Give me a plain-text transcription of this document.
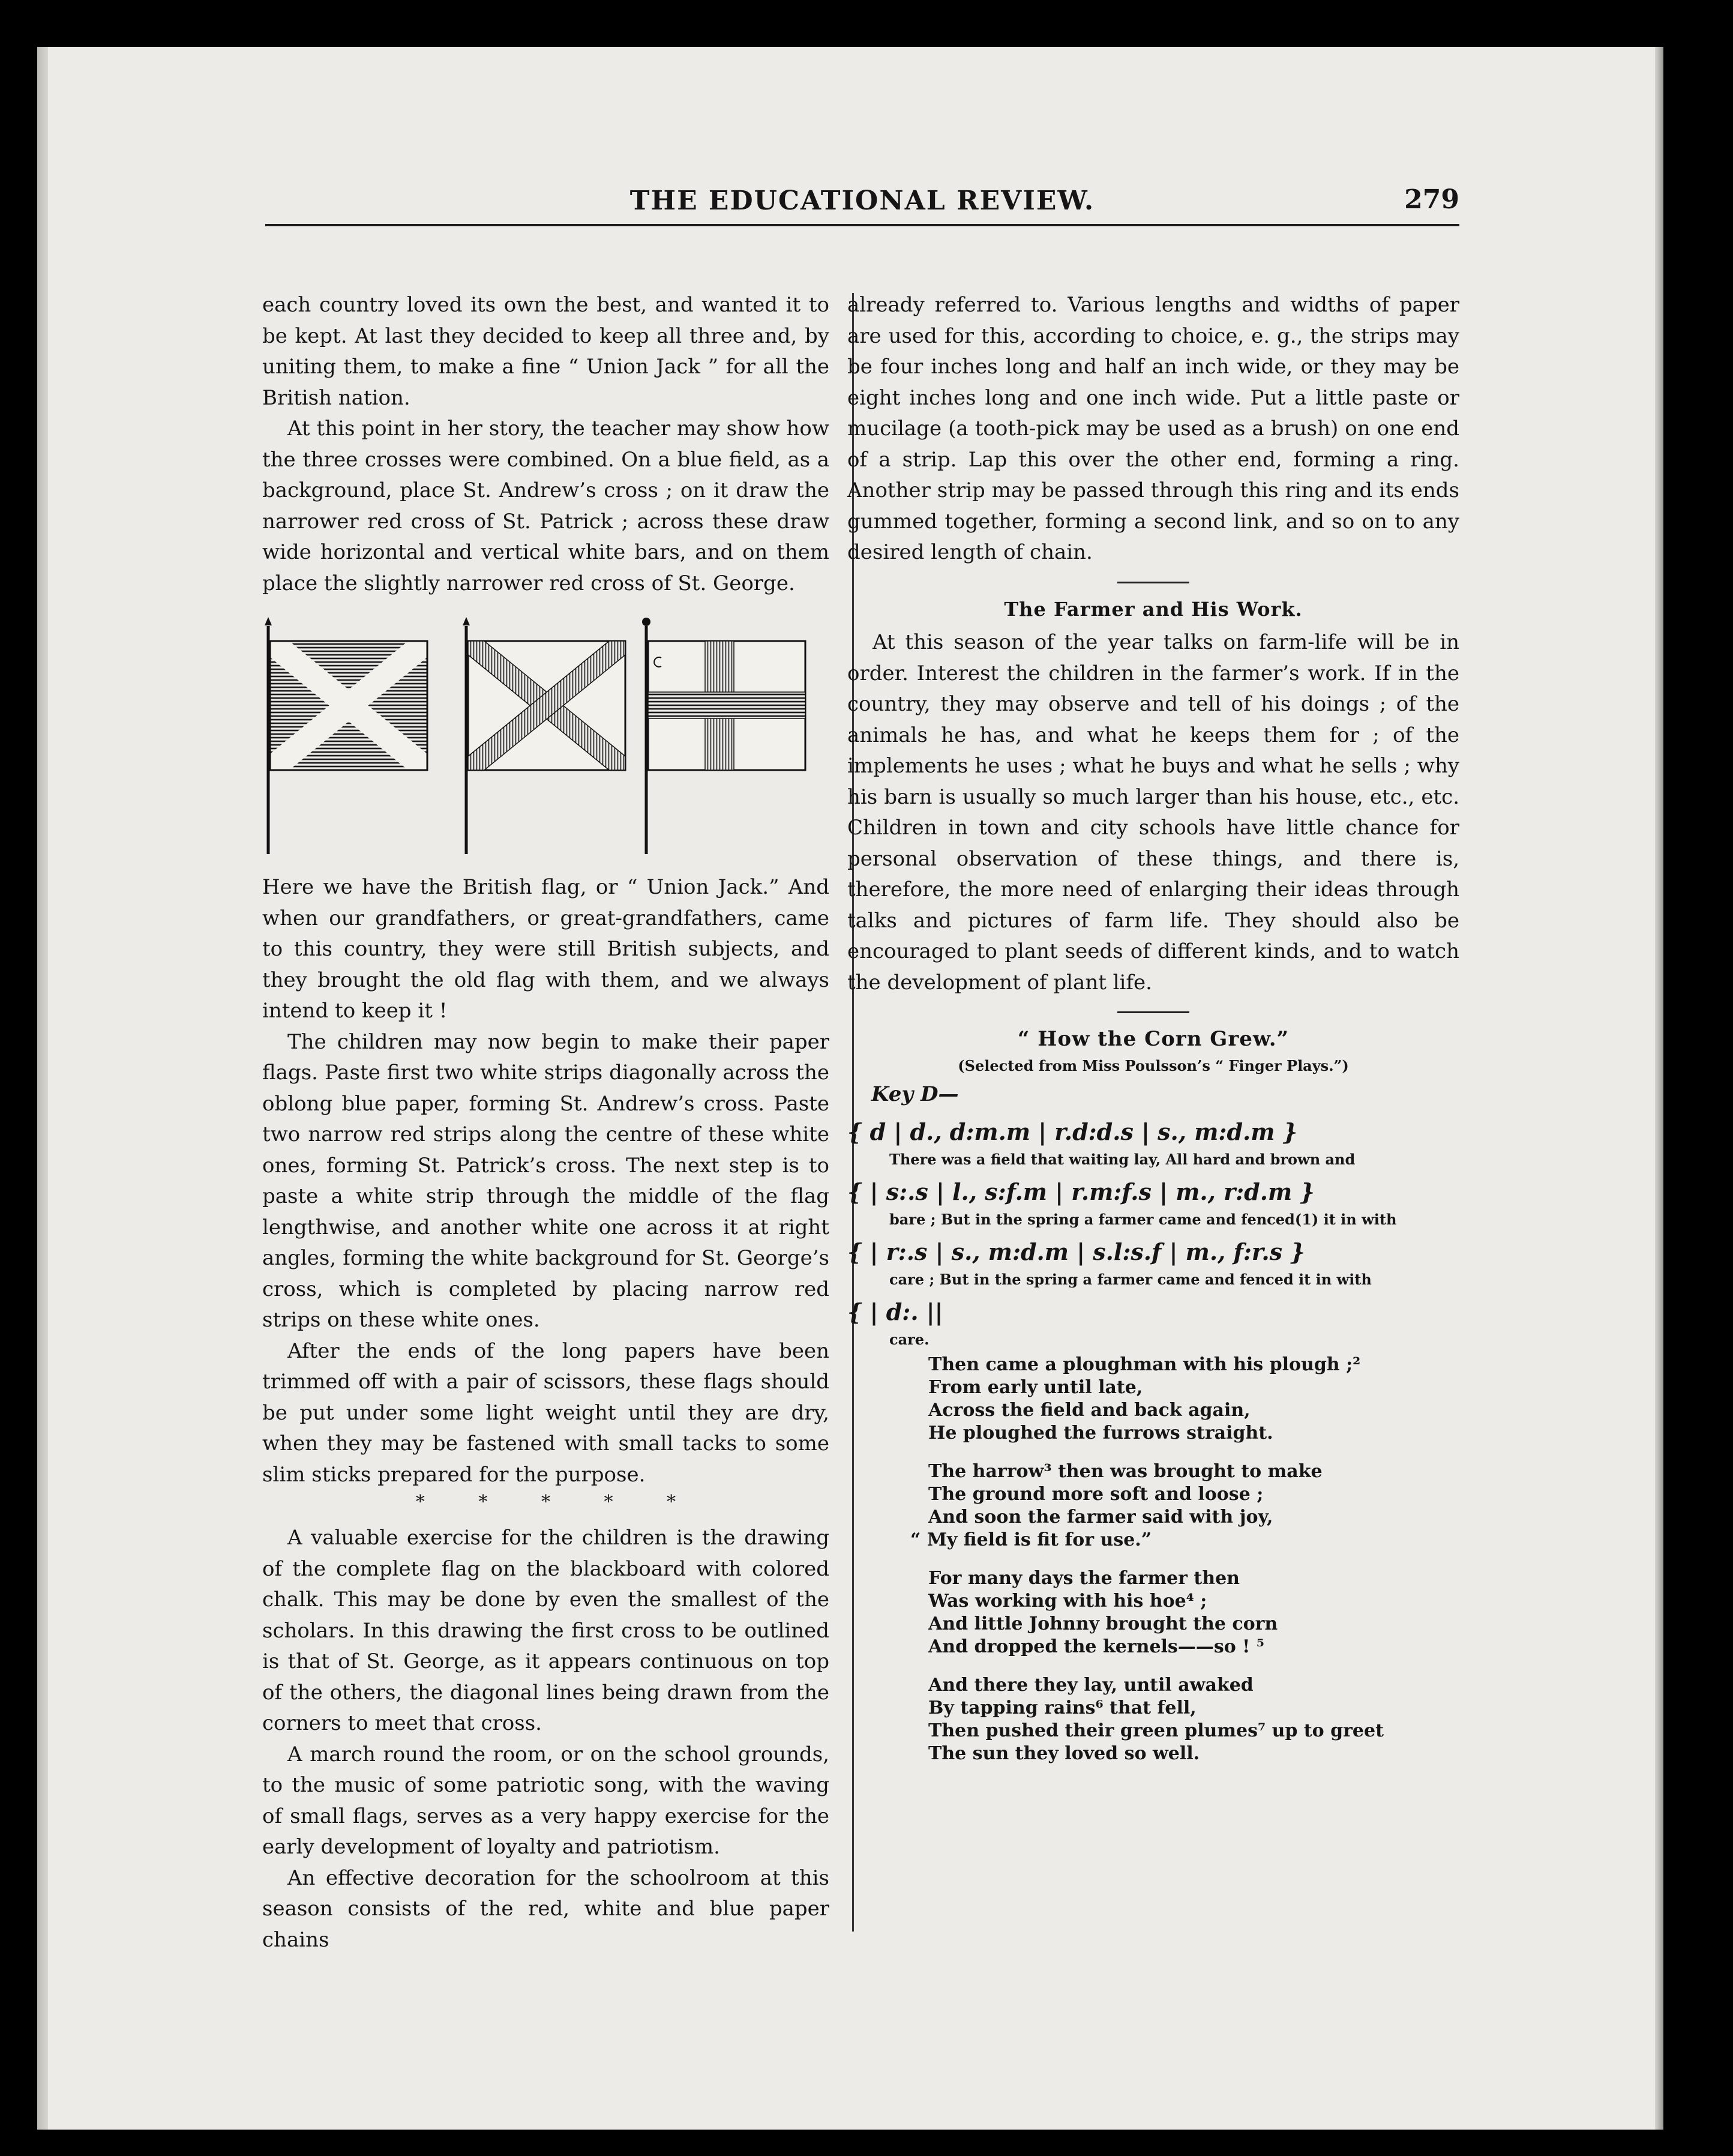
THE EDUCATIONAL REVIEW.	279

each country loved its own the best, and wanted it to be kept. At last they decided to keep all three and, by uniting them, to make a fine “ Union Jack ” for all the British nation.

At this point in her story, the teacher may show how the three crosses were combined. On a blue field, as a background, place St. Andrew’s cross ; on it draw the narrower red cross of St. Patrick ; across these draw wide horizontal and vertical white bars, and on them place the slightly narrower red cross of St. George.

Here we have the British flag, or “ Union Jack.” And when our grandfathers, or great-grandfathers, came to this country, they were still British subjects, and they brought the old flag with them, and we always intend to keep it !

The children may now begin to make their paper flags. Paste first two white strips diagonally across the oblong blue paper, forming St. Andrew’s cross. Paste two narrow red strips along the centre of these white ones, forming St. Patrick’s cross. The next step is to paste a white strip through the middle of the flag lengthwise, and another white one across it at right angles, forming the white background for St. George’s cross, which is completed by placing narrow red strips on these white ones.

After the ends of the long papers have been trimmed off with a pair of scissors, these flags should be put under some light weight until they are dry, when they may be fastened with small tacks to some slim sticks prepared for the purpose.

* * * * *

A valuable exercise for the children is the drawing of the complete flag on the blackboard with colored chalk. This may be done by even the smallest of the scholars. In this drawing the first cross to be outlined is that of St. George, as it appears continuous on top of the others, the diagonal lines being drawn from the corners to meet that cross.

A march round the room, or on the school grounds, to the music of some patriotic song, with the waving of small flags, serves as a very happy exercise for the early development of loyalty and patriotism.

An effective decoration for the schoolroom at this season consists of the red, white and blue paper chains

already referred to. Various lengths and widths of paper are used for this, according to choice, e. g., the strips may be four inches long and half an inch wide, or they may be eight inches long and one inch wide. Put a little paste or mucilage (a tooth-pick may be used as a brush) on one end of a strip. Lap this over the other end, forming a ring. Another strip may be passed through this ring and its ends gummed together, forming a second link, and so on to any desired length of chain.

The Farmer and His Work.

At this season of the year talks on farm-life will be in order. Interest the children in the farmer’s work. If in the country, they may observe and tell of his doings ; of the animals he has, and what he keeps them for ; of the implements he uses ; what he buys and what he sells ; why his barn is usually so much larger than his house, etc., etc. Children in town and city schools have little chance for personal observation of these things, and there is, therefore, the more need of enlarging their ideas through talks and pictures of farm life. They should also be encouraged to plant seeds of different kinds, and to watch the development of plant life.

“ How the Corn Grew.”
(Selected from Miss Poulsson’s “ Finger Plays.”)
Key D—
{ d | d., d:m.m | r.d:d.s | s., m:d.m }
There was a field that waiting lay, All hard and brown and
{ | s:.s | l., s:f.m | r.m:f.s | m., r:d.m }
bare ; But in the spring a farmer came and fenced(1) it in with
{ | r:.s | s., m:d.m | s.l:s.f | m., f:r.s }
care ; But in the spring a farmer came and fenced it in with
{ | d:. ||
care.
Then came a ploughman with his plough ;²
From early until late,
Across the field and back again,
He ploughed the furrows straight.
The harrow³ then was brought to make
The ground more soft and loose ;
And soon the farmer said with joy,
“ My field is fit for use.”
For many days the farmer then
Was working with his hoe⁴ ;
And little Johnny brought the corn
And dropped the kernels——so ! ⁵
And there they lay, until awaked
By tapping rains⁶ that fell,
Then pushed their green plumes⁷ up to greet
The sun they loved so well.
